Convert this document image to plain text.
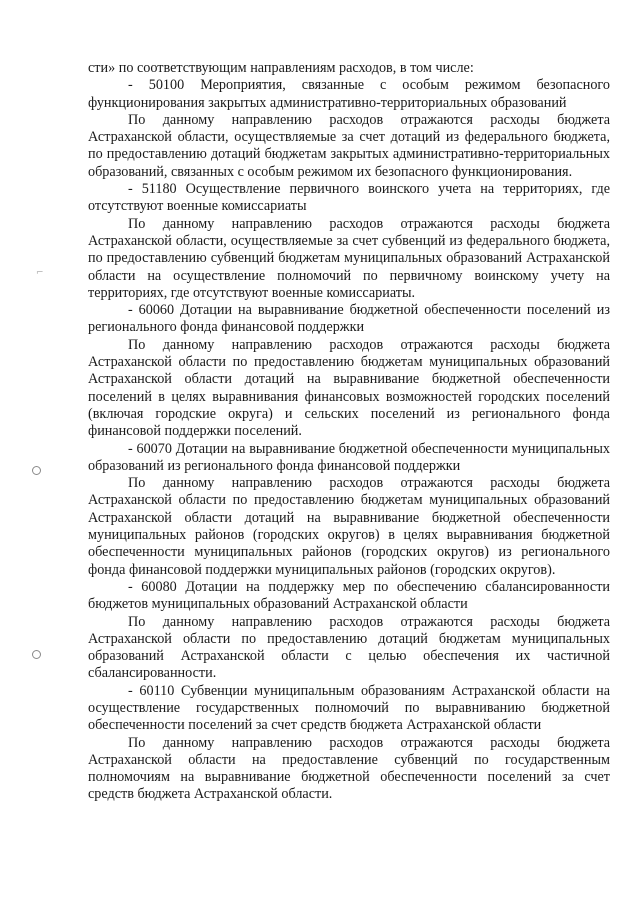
⌐

сти» по соответствующим направлениям расходов, в том числе:

- 50100 Мероприятия, связанные с особым режимом безопасного функционирования закрытых административно-территориальных образований

По данному направлению расходов отражаются расходы бюджета Астраханской области, осуществляемые за счет дотаций из федерального бюджета, по предоставлению дотаций бюджетам закрытых административно-территориальных образований, связанных с особым режимом их безопасного функционирования.

- 51180 Осуществление первичного воинского учета на территориях, где отсутствуют военные комиссариаты

По данному направлению расходов отражаются расходы бюджета Астраханской области, осуществляемые за счет субвенций из федерального бюджета, по предоставлению субвенций бюджетам муниципальных образований Астраханской области на осуществление полномочий по первичному воинскому учету на территориях, где отсутствуют военные комиссариаты.

- 60060 Дотации на выравнивание бюджетной обеспеченности поселений из регионального фонда финансовой поддержки

По данному направлению расходов отражаются расходы бюджета Астраханской области по предоставлению бюджетам муниципальных образований Астраханской области дотаций на выравнивание бюджетной обеспеченности поселений в целях выравнивания финансовых возможностей городских поселений (включая городские округа) и сельских поселений из регионального фонда финансовой поддержки поселений.

- 60070 Дотации на выравнивание бюджетной обеспеченности муниципальных образований из регионального фонда финансовой поддержки

По данному направлению расходов отражаются расходы бюджета Астраханской области по предоставлению бюджетам муниципальных образований Астраханской области дотаций на выравнивание бюджетной обеспеченности муниципальных районов (городских округов) в целях выравнивания бюджетной обеспеченности муниципальных районов (городских округов) из регионального фонда финансовой поддержки муниципальных районов (городских округов).

- 60080 Дотации на поддержку мер по обеспечению сбалансированности бюджетов муниципальных образований Астраханской области

По данному направлению расходов отражаются расходы бюджета Астраханской области по предоставлению дотаций бюджетам муниципальных образований Астраханской области с целью обеспечения их частичной сбалансированности.

- 60110 Субвенции муниципальным образованиям Астраханской области на осуществление государственных полномочий по выравниванию бюджетной обеспеченности поселений за счет средств бюджета Астраханской области

По данному направлению расходов отражаются расходы бюджета Астраханской области на предоставление субвенций по государственным полномочиям на выравнивание бюджетной обеспеченности поселений за счет средств бюджета Астраханской области.
